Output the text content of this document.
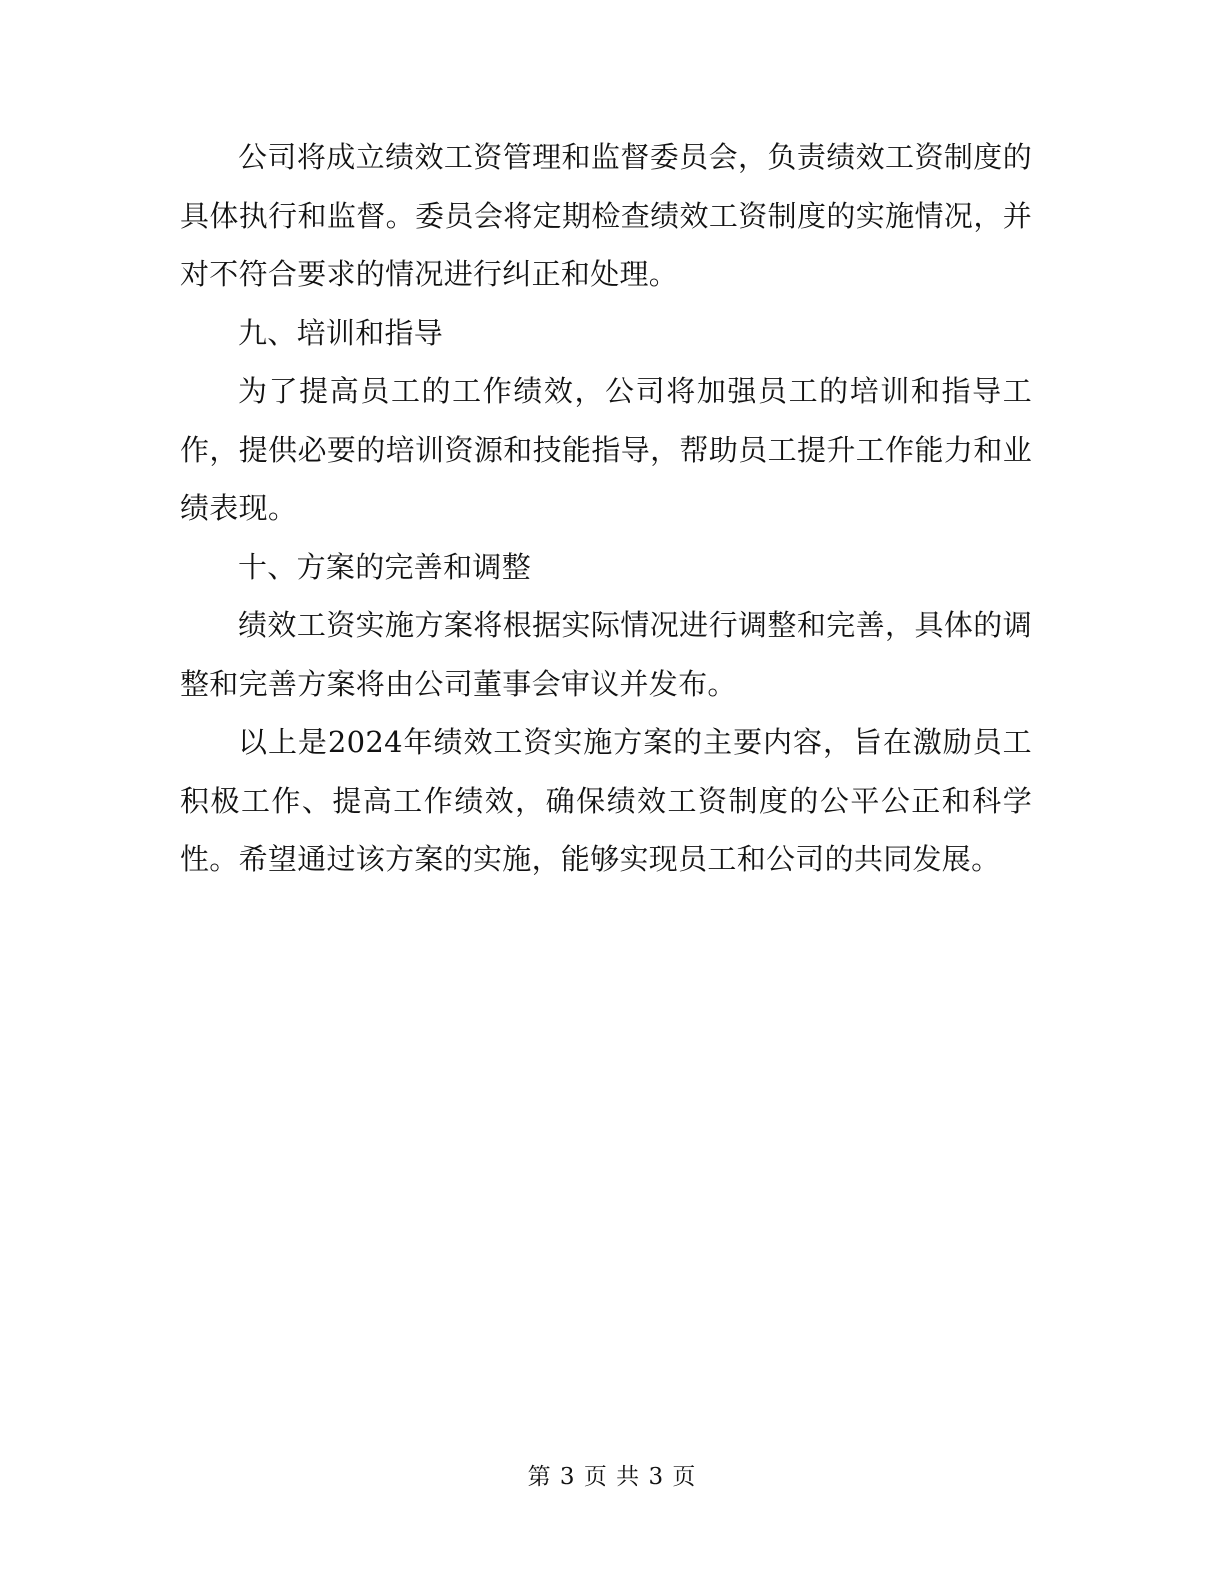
公司将成立绩效工资管理和监督委员会，负责绩效工资制度的具体执行和监督。委员会将定期检查绩效工资制度的实施情况，并对不符合要求的情况进行纠正和处理。

九、培训和指导

为了提高员工的工作绩效，公司将加强员工的培训和指导工作，提供必要的培训资源和技能指导，帮助员工提升工作能力和业绩表现。

十、方案的完善和调整

绩效工资实施方案将根据实际情况进行调整和完善，具体的调整和完善方案将由公司董事会审议并发布。

以上是2024年绩效工资实施方案的主要内容，旨在激励员工积极工作、提高工作绩效，确保绩效工资制度的公平公正和科学性。希望通过该方案的实施，能够实现员工和公司的共同发展。

第 3 页 共 3 页
